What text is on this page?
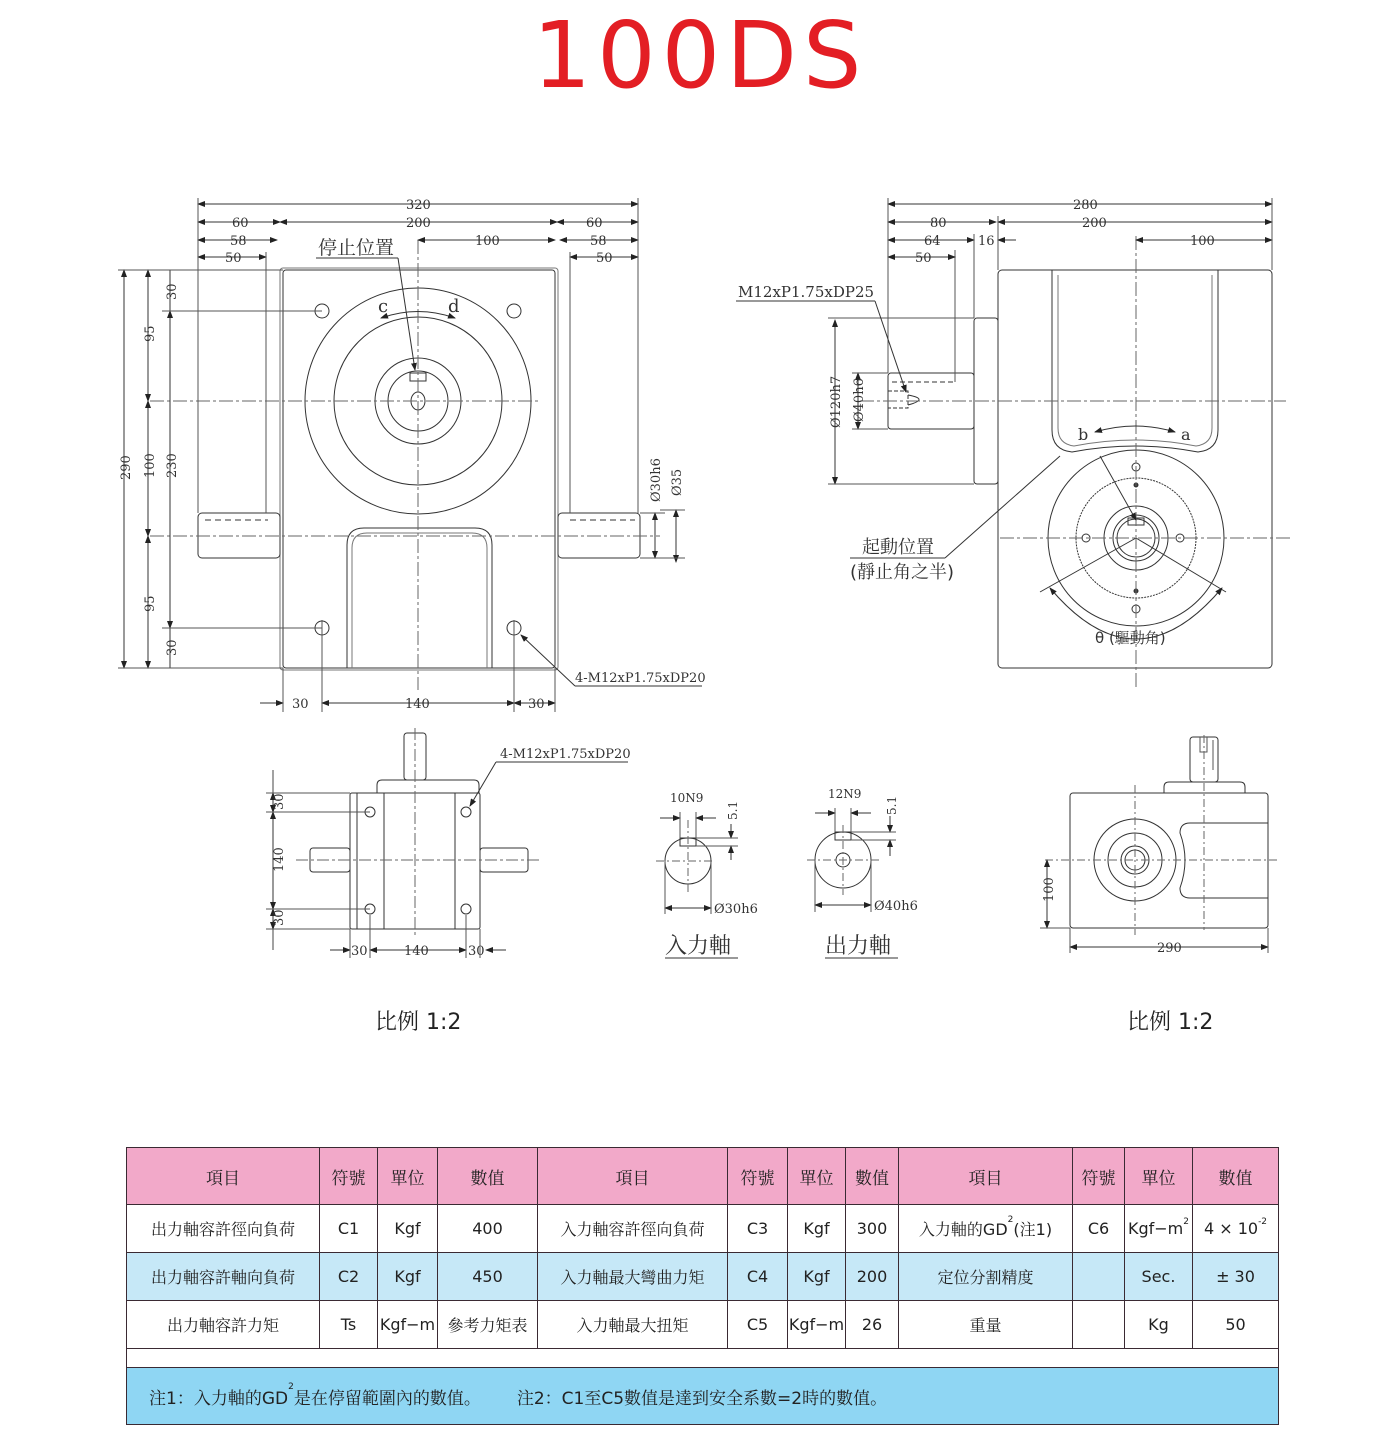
100DS
c	d
停止位置
320
60	200	60
58	100	58
50	50
290
95
100
95
230
30
30
Ø30h6 Ø35
30	140	30
4-M12xP1.75xDP20
b	a
280
80	200
64	16	100
50
Ø120h7 Ø40h6
M12xP1.75xDP25
起動位置
(靜止角之半)
θ (驅動角)
30
140
30
30	140	30
4-M12xP1.75xDP20
10N9
5.1
Ø30h6
入力軸
12N9
5.1
Ø40h6
出力軸
100
290
比例 1:2	比例 1:2
項目	符號	單位	數值	項目	符號	單位	數值	項目	符號	單位	數值
出力軸容許徑向負荷	C1	Kgf	400	入力軸容許徑向負荷	C3	Kgf	300	入力軸的$GD^2$(注1)	C6	$Kgf-m^2$	$4 \times 10^{-2}$
出力軸容許軸向負荷	C2	Kgf	450	入力軸最大彎曲力矩	C4	Kgf	200	定位分割精度		Sec.	± 30
出力軸容許力矩	Ts	Kgf−m	參考力矩表	入力軸最大扭矩	C5	Kgf−m	26	重量		Kg	50

注1：入力軸的$GD^2$是在停留範圍內的數值。 注2：C1至C5數值是達到安全系數=2時的數值。											
